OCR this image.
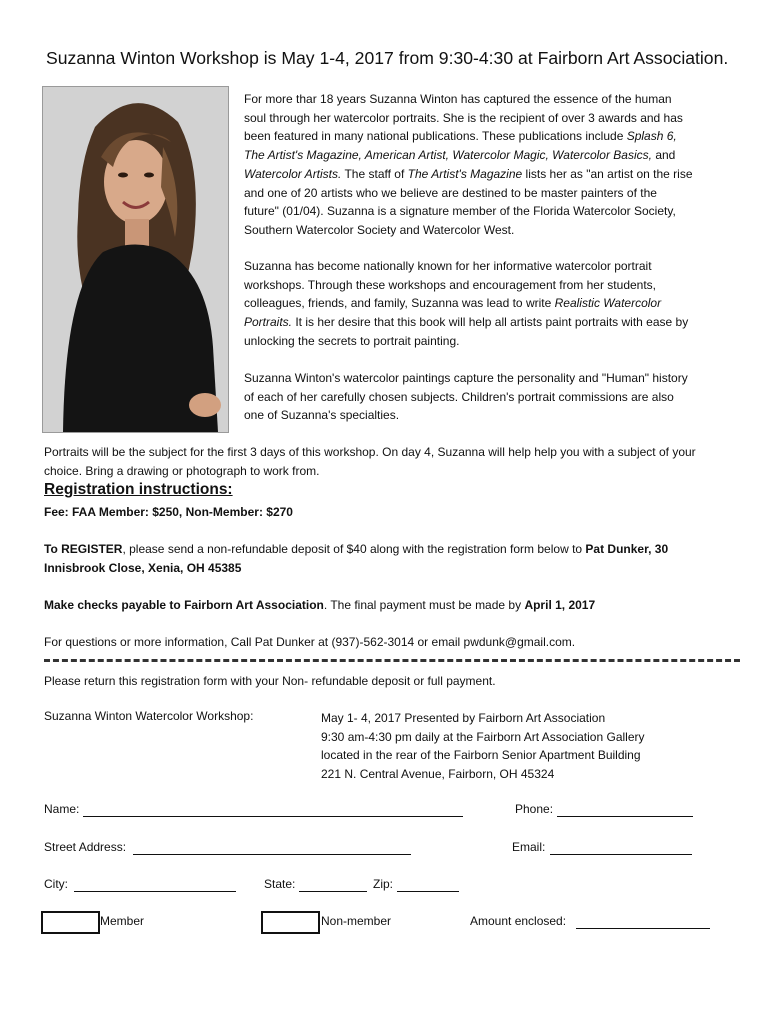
Suzanna Winton Workshop is May 1-4, 2017 from 9:30-4:30 at Fairborn Art Association.
For more thar 18 years Suzanna Winton has captured the essence of the human soul through her watercolor portraits. She is the recipient of over 3 awards and has been featured in many national publications. These publications include Splash 6, The Artist's Magazine, American Artist, Watercolor Magic, Watercolor Basics, and Watercolor Artists. The staff of The Artist's Magazine lists her as "an artist on the rise and one of 20 artists who we believe are destined to be master painters of the future" (01/04). Suzanna is a signature member of the Florida Watercolor Society, Southern Watercolor Society and Watercolor West.
Suzanna has become nationally known for her informative watercolor portrait workshops. Through these workshops and encouragement from her students, colleagues, friends, and family, Suzanna was lead to write Realistic Watercolor Portraits. It is her desire that this book will help all artists paint portraits with ease by unlocking the secrets to portrait painting.
Suzanna Winton's watercolor paintings capture the personality and "Human" history of each of her carefully chosen subjects. Children's portrait commissions are also one of Suzanna's specialties.
Portraits will be the subject for the first 3 days of this workshop. On day 4, Suzanna will help help you with a subject of your choice. Bring a drawing or photograph to work from.
Registration instructions:
Fee: FAA Member: $250, Non-Member: $270
To REGISTER, please send a non-refundable deposit of $40 along with the registration form below to Pat Dunker, 30 Innisbrook Close, Xenia, OH 45385
Make checks payable to Fairborn Art Association. The final payment must be made by April 1, 2017
For questions or more information, Call Pat Dunker at (937)-562-3014 or email pwdunk@gmail.com.
Please return this registration form with your Non- refundable deposit or full payment.
Suzanna Winton Watercolor Workshop:	May 1- 4, 2017 Presented by Fairborn Art Association
9:30 am-4:30 pm daily at the Fairborn Art Association Gallery
located in the rear of the Fairborn Senior Apartment Building
221 N. Central Avenue, Fairborn, OH 45324
Name:	Phone:
Street Address:	Email:
City:	State:	Zip:
Member	Non-member	Amount enclosed:
